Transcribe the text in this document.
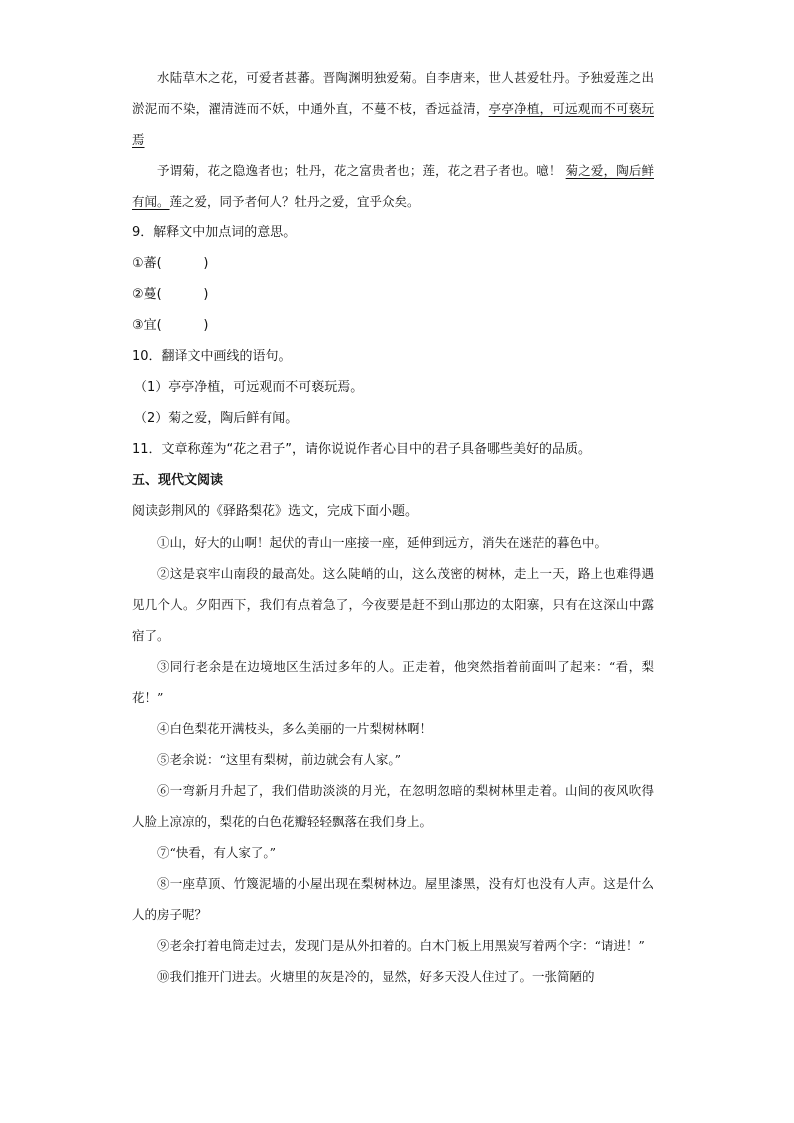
水陆草木之花，可爱者甚蕃。晋陶渊明独爱菊。自李唐来，世人甚爱牡丹。予独爱莲之出淤泥而不染，濯清涟而不妖，中通外直，不蔓不枝，香远益清，亭亭净植，可远观而不可亵玩焉

予谓菊，花之隐逸者也；牡丹，花之富贵者也；莲，花之君子者也。噫！ 菊之爱，陶后鲜有闻。莲之爱，同予者何人？牡丹之爱，宜乎众矣。

9．解释文中加点词的意思。

①蕃(	)

②蔓(	)

③宜(	)

10．翻译文中画线的语句。

（1）亭亭净植，可远观而不可亵玩焉。

（2）菊之爱，陶后鲜有闻。

11．文章称莲为“花之君子”，请你说说作者心目中的君子具备哪些美好的品质。

五、现代文阅读

阅读彭荆风的《驿路梨花》选文，完成下面小题。

①山，好大的山啊！起伏的青山一座接一座，延伸到远方，消失在迷茫的暮色中。

②这是哀牢山南段的最高处。这么陡峭的山，这么茂密的树林，走上一天，路上也难得遇见几个人。夕阳西下，我们有点着急了，今夜要是赶不到山那边的太阳寨，只有在这深山中露宿了。

③同行老余是在边境地区生活过多年的人。正走着，他突然指着前面叫了起来：“看，梨花！”

④白色梨花开满枝头，多么美丽的一片梨树林啊！

⑤老余说：“这里有梨树，前边就会有人家。”

⑥一弯新月升起了，我们借助淡淡的月光，在忽明忽暗的梨树林里走着。山间的夜风吹得人脸上凉凉的，梨花的白色花瓣轻轻飘落在我们身上。

⑦“快看，有人家了。”

⑧一座草顶、竹篾泥墙的小屋出现在梨树林边。屋里漆黑，没有灯也没有人声。这是什么人的房子呢？

⑨老余打着电筒走过去，发现门是从外扣着的。白木门板上用黑炭写着两个字：“请进！”

⑩我们推开门进去。火塘里的灰是冷的，显然，好多天没人住过了。一张简陋的
